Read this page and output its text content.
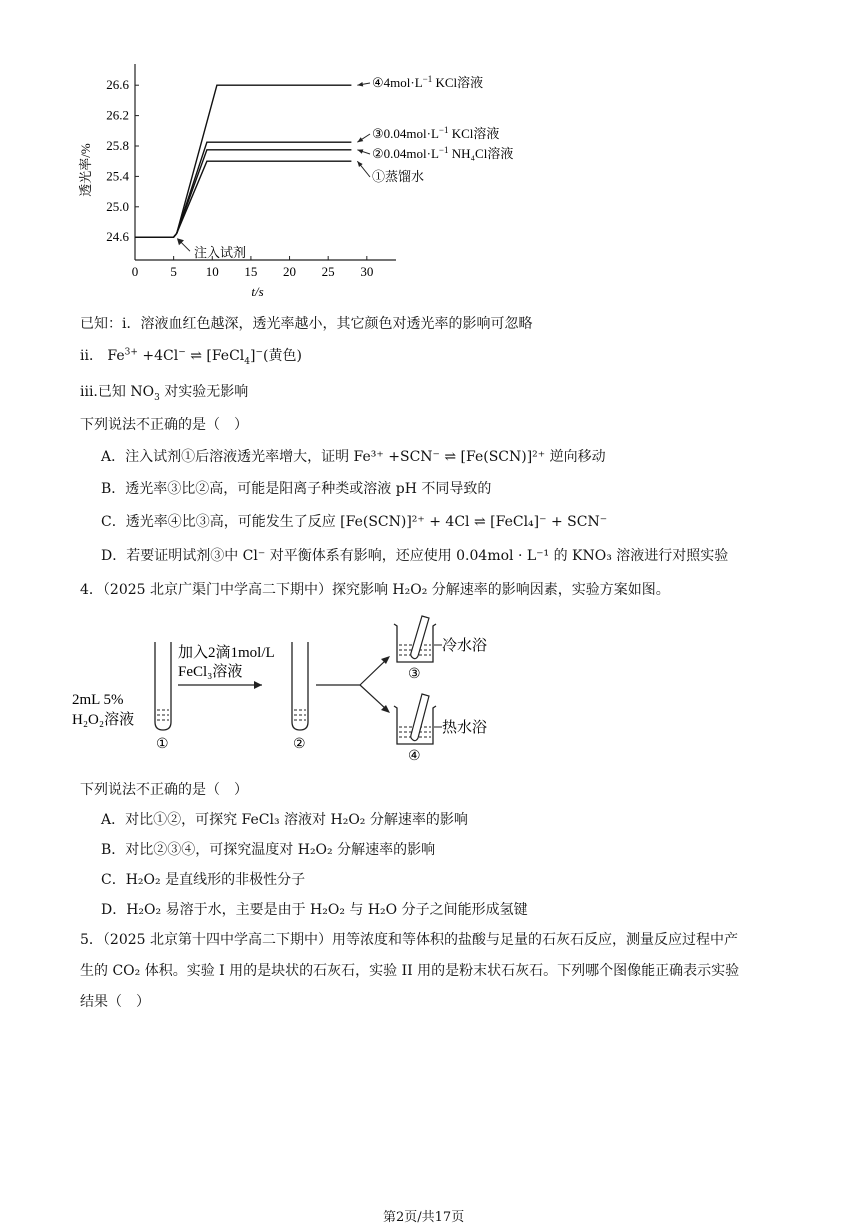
0 5 10 15 20 25 30
24.6
25.0
25.4
25.8
26.2
26.6
透光率/%
t/s
$④4mol\cdot L^{-1}$ KCl溶液
$③0.04mol\cdot L^{-1}$ KCl溶液
$②0.04mol\cdot L^{-1}$ NH₄Cl溶液
①蒸馏水
注入试剂
已知：i．溶液血红色越深，透光率越小，其它颜色对透光率的影响可忽略
ii． $Fe^{3+} +4Cl^-$ ⇌ [FeCl$_4$]−(黄色)
iii.已知 $NO_3$ 对实验无影响
下列说法不正确的是（　）
A．注入试剂①后溶液透光率增大，证明 Fe³⁺ +SCN⁻ ⇌ [Fe(SCN)]²⁺ 逆向移动
B．透光率③比②高，可能是阳离子种类或溶液 pH 不同导致的
C．透光率④比③高，可能发生了反应 [Fe(SCN)]²⁺ + 4Cl ⇌ [FeCl₄]⁻ + SCN⁻
D．若要证明试剂③中 Cl⁻ 对平衡体系有影响，还应使用 0.04mol · L⁻¹ 的 KNO₃ 溶液进行对照实验
4．（2025 北京广渠门中学高二下期中）探究影响 H₂O₂ 分解速率的影响因素，实验方案如图。
①
2mL 5%
H₂O₂溶液
加入2滴1mol/L
FeCl₃溶液
②
冷水浴
③
热水浴
④
下列说法不正确的是（　）
A．对比①②，可探究 FeCl₃ 溶液对 H₂O₂ 分解速率的影响
B．对比②③④，可探究温度对 H₂O₂ 分解速率的影响
C．H₂O₂ 是直线形的非极性分子
D．H₂O₂ 易溶于水，主要是由于 H₂O₂ 与 H₂O 分子之间能形成氢键
5．（2025 北京第十四中学高二下期中）用等浓度和等体积的盐酸与足量的石灰石反应，测量反应过程中产
生的 CO₂ 体积。实验 I 用的是块状的石灰石，实验 II 用的是粉末状石灰石。下列哪个图像能正确表示实验
结果（　）
第2页/共17页
